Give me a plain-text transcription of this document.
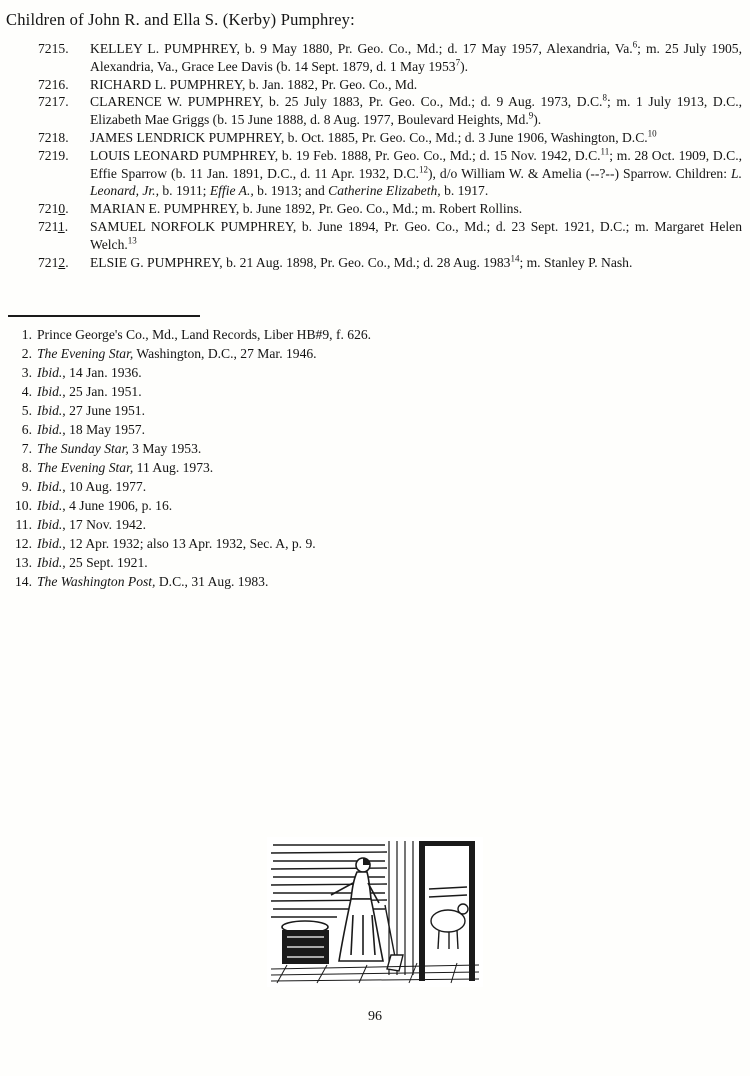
Children of John R. and Ella S. (Kerby) Pumphrey:
7215.	KELLEY L. PUMPHREY, b. 9 May 1880, Pr. Geo. Co., Md.; d. 17 May 1957, Alexandria, Va.$^6$; m. 25 July 1905, Alexandria, Va., Grace Lee Davis (b. 14 Sept. 1879, d. 1 May 1953$^7$).
7216.	RICHARD L. PUMPHREY, b. Jan. 1882, Pr. Geo. Co., Md.
7217.	CLARENCE W. PUMPHREY, b. 25 July 1883, Pr. Geo. Co., Md.; d. 9 Aug. 1973, D.C.$^8$; m. 1 July 1913, D.C., Elizabeth Mae Griggs (b. 15 June 1888, d. 8 Aug. 1977, Boulevard Heights, Md.$^9$).
7218.	JAMES LENDRICK PUMPHREY, b. Oct. 1885, Pr. Geo. Co., Md.; d. 3 June 1906, Washington, D.C.$^{10}$
7219.	LOUIS LEONARD PUMPHREY, b. 19 Feb. 1888, Pr. Geo. Co., Md.; d. 15 Nov. 1942, D.C.$^{11}$; m. 28 Oct. 1909, D.C., Effie Sparrow (b. 11 Jan. 1891, D.C., d. 11 Apr. 1932, D.C.$^{12}$), d/o William W. & Amelia (--?--) Sparrow. Children: L. Leonard, Jr., b. 1911; Effie A., b. 1913; and Catherine Elizabeth, b. 1917.
7210.	MARIAN E. PUMPHREY, b. June 1892, Pr. Geo. Co., Md.; m. Robert Rollins.
7211.	SAMUEL NORFOLK PUMPHREY, b. June 1894, Pr. Geo. Co., Md.; d. 23 Sept. 1921, D.C.; m. Margaret Helen Welch.$^{13}$
7212.	ELSIE G. PUMPHREY, b. 21 Aug. 1898, Pr. Geo. Co., Md.; d. 28 Aug. 1983$^{14}$; m. Stanley P. Nash.
1. Prince George's Co., Md., Land Records, Liber HB#9, f. 626.
2. The Evening Star, Washington, D.C., 27 Mar. 1946.
3. Ibid., 14 Jan. 1936.
4. Ibid., 25 Jan. 1951.
5. Ibid., 27 June 1951.
6. Ibid., 18 May 1957.
7. The Sunday Star, 3 May 1953.
8. The Evening Star, 11 Aug. 1973.
9. Ibid., 10 Aug. 1977.
10. Ibid., 4 June 1906, p. 16.
11. Ibid., 17 Nov. 1942.
12. Ibid., 12 Apr. 1932; also 13 Apr. 1932, Sec. A, p. 9.
13. Ibid., 25 Sept. 1921.
14. The Washington Post, D.C., 31 Aug. 1983.
96
